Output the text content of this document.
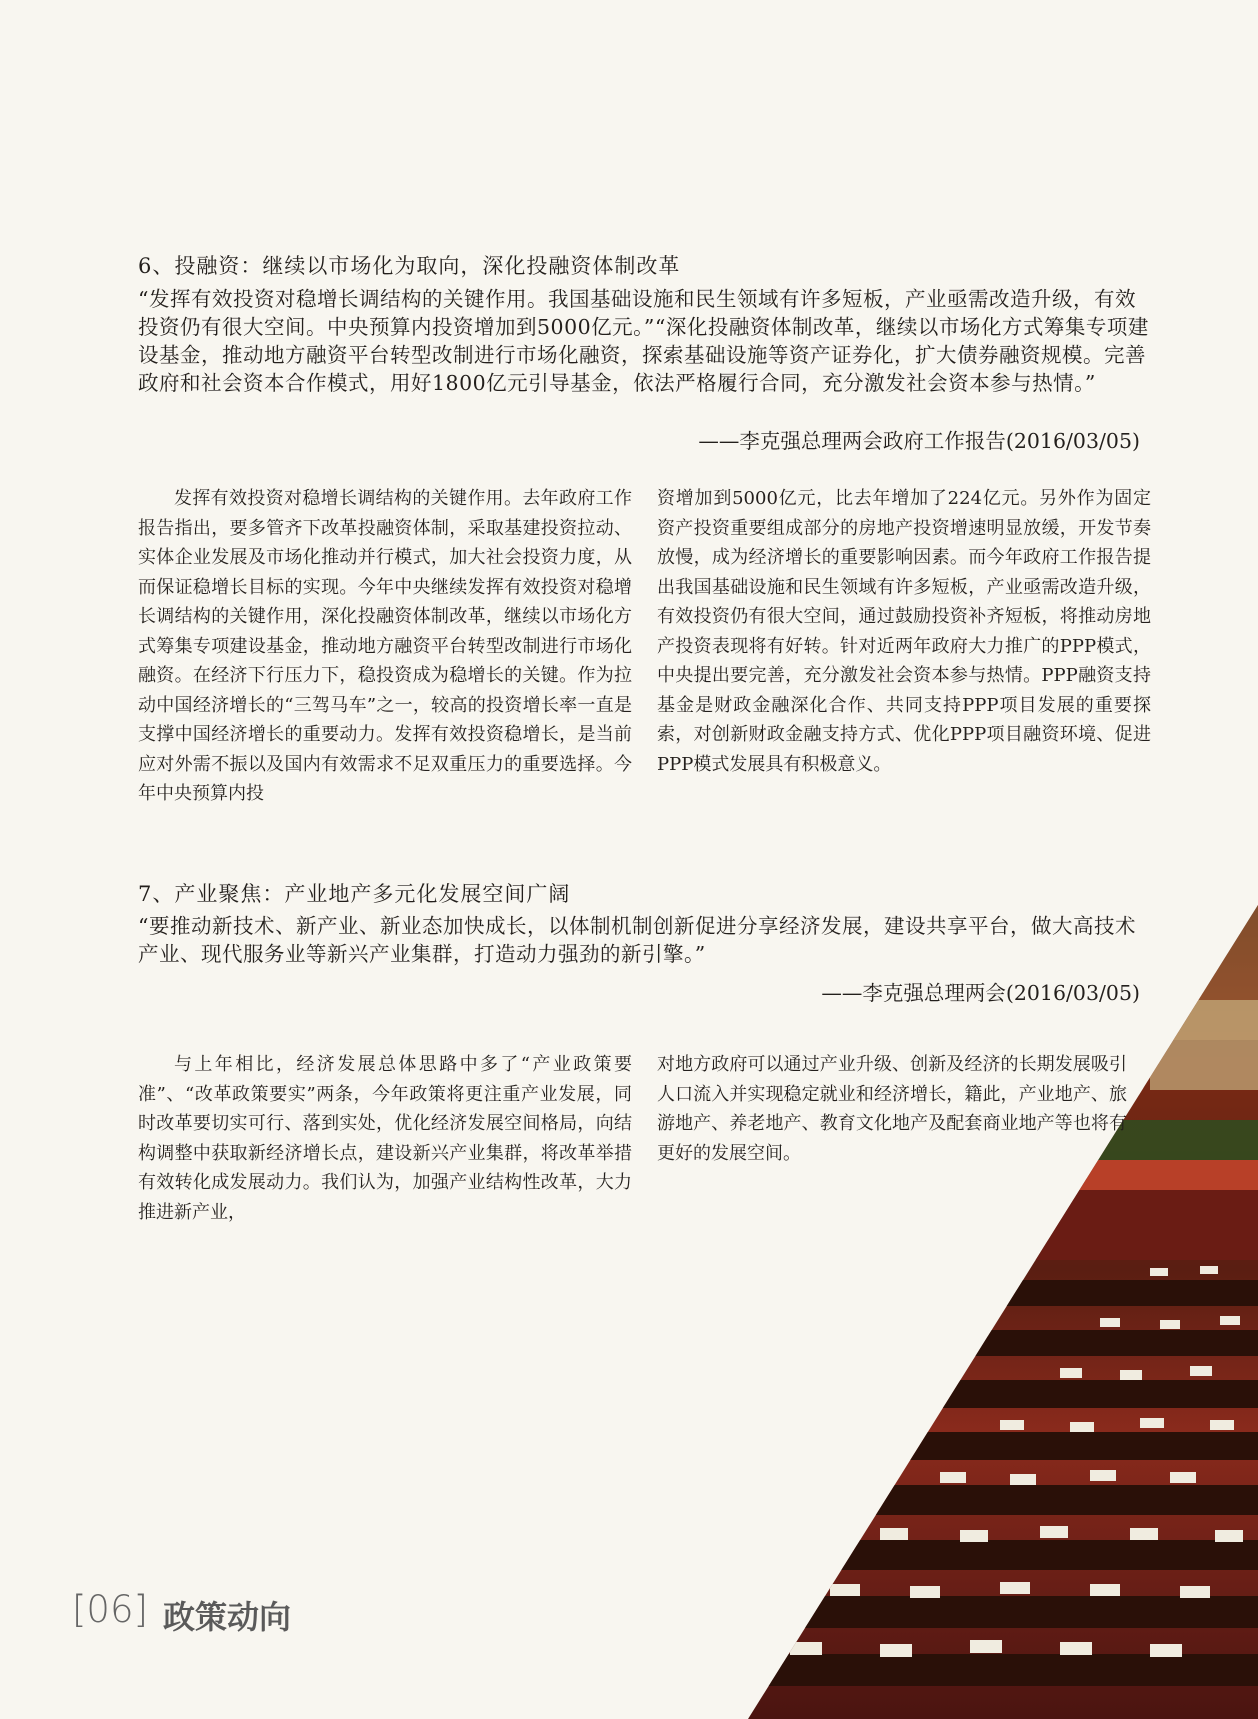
6、投融资：继续以市场化为取向，深化投融资体制改革
“发挥有效投资对稳增长调结构的关键作用。我国基础设施和民生领域有许多短板，产业亟需改造升级，有效投资仍有很大空间。中央预算内投资增加到5000亿元。”“深化投融资体制改革，继续以市场化方式筹集专项建设基金，推动地方融资平台转型改制进行市场化融资，探索基础设施等资产证券化，扩大债券融资规模。完善政府和社会资本合作模式，用好1800亿元引导基金，依法严格履行合同，充分激发社会资本参与热情。”
——李克强总理两会政府工作报告(2016/03/05)
发挥有效投资对稳增长调结构的关键作用。去年政府工作报告指出，要多管齐下改革投融资体制，采取基建投资拉动、实体企业发展及市场化推动并行模式，加大社会投资力度，从而保证稳增长目标的实现。今年中央继续发挥有效投资对稳增长调结构的关键作用，深化投融资体制改革，继续以市场化方式筹集专项建设基金，推动地方融资平台转型改制进行市场化融资。在经济下行压力下，稳投资成为稳增长的关键。作为拉动中国经济增长的“三驾马车”之一，较高的投资增长率一直是支撑中国经济增长的重要动力。发挥有效投资稳增长，是当前应对外需不振以及国内有效需求不足双重压力的重要选择。今年中央预算内投
资增加到5000亿元，比去年增加了224亿元。另外作为固定资产投资重要组成部分的房地产投资增速明显放缓，开发节奏放慢，成为经济增长的重要影响因素。而今年政府工作报告提出我国基础设施和民生领域有许多短板，产业亟需改造升级，有效投资仍有很大空间，通过鼓励投资补齐短板，将推动房地产投资表现将有好转。针对近两年政府大力推广的PPP模式，中央提出要完善，充分激发社会资本参与热情。PPP融资支持基金是财政金融深化合作、共同支持PPP项目发展的重要探索，对创新财政金融支持方式、优化PPP项目融资环境、促进PPP模式发展具有积极意义。
7、产业聚焦：产业地产多元化发展空间广阔
“要推动新技术、新产业、新业态加快成长，以体制机制创新促进分享经济发展，建设共享平台，做大高技术产业、现代服务业等新兴产业集群，打造动力强劲的新引擎。”
——李克强总理两会(2016/03/05)
与上年相比，经济发展总体思路中多了“产业政策要准”、“改革政策要实”两条，今年政策将更注重产业发展，同时改革要切实可行、落到实处，优化经济发展空间格局，向结构调整中获取新经济增长点，建设新兴产业集群，将改革举措有效转化成发展动力。我们认为，加强产业结构性改革，大力推进新产业，
对地方政府可以通过产业升级、创新及经济的长期发展吸引人口流入并实现稳定就业和经济增长，籍此，产业地产、旅游地产、养老地产、教育文化地产及配套商业地产等也将有更好的发展空间。
[06] 政策动向
